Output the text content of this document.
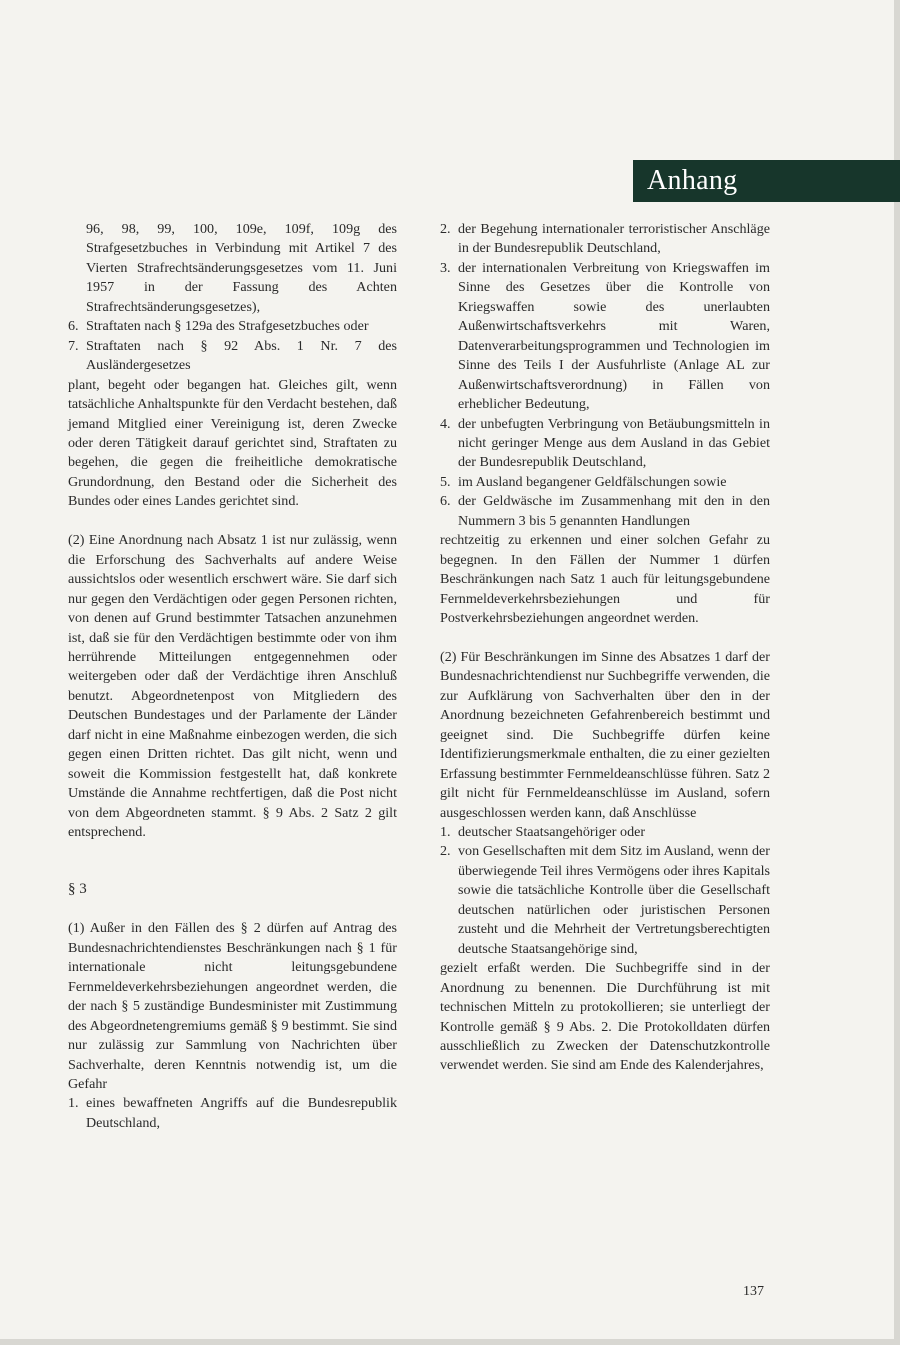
Anhang

96, 98, 99, 100, 109e, 109f, 109g des Strafgesetzbuches in Verbindung mit Artikel 7 des Vierten Strafrechtsänderungsgesetzes vom 11. Juni 1957 in der Fassung des Achten Strafrechtsänderungsgesetzes),

6. Straftaten nach § 129a des Strafgesetzbuches oder
7. Straftaten nach § 92 Abs. 1 Nr. 7 des Ausländergesetzes

plant, begeht oder begangen hat. Gleiches gilt, wenn tatsächliche Anhaltspunkte für den Verdacht bestehen, daß jemand Mitglied einer Vereinigung ist, deren Zwecke oder deren Tätigkeit darauf gerichtet sind, Straftaten zu begehen, die gegen die freiheitliche demokratische Grundordnung, den Bestand oder die Sicherheit des Bundes oder eines Landes gerichtet sind.

(2) Eine Anordnung nach Absatz 1 ist nur zulässig, wenn die Erforschung des Sachverhalts auf andere Weise aussichtslos oder wesentlich erschwert wäre. Sie darf sich nur gegen den Verdächtigen oder gegen Personen richten, von denen auf Grund bestimmter Tatsachen anzunehmen ist, daß sie für den Verdächtigen bestimmte oder von ihm herrührende Mitteilungen entgegennehmen oder weitergeben oder daß der Verdächtige ihren Anschluß benutzt. Abgeordnetenpost von Mitgliedern des Deutschen Bundestages und der Parlamente der Länder darf nicht in eine Maßnahme einbezogen werden, die sich gegen einen Dritten richtet. Das gilt nicht, wenn und soweit die Kommission festgestellt hat, daß konkrete Umstände die Annahme rechtfertigen, daß die Post nicht von dem Abgeordneten stammt. § 9 Abs. 2 Satz 2 gilt entsprechend.

§ 3

(1) Außer in den Fällen des § 2 dürfen auf Antrag des Bundesnachrichtendienstes Beschränkungen nach § 1 für internationale nicht leitungsgebundene Fernmeldeverkehrsbeziehungen angeordnet werden, die der nach § 5 zuständige Bundesminister mit Zustimmung des Abgeordnetengremiums gemäß § 9 bestimmt. Sie sind nur zulässig zur Sammlung von Nachrichten über Sachverhalte, deren Kenntnis notwendig ist, um die Gefahr

1. eines bewaffneten Angriffs auf die Bundesrepublik Deutschland,
2. der Begehung internationaler terroristischer Anschläge in der Bundesrepublik Deutschland,
3. der internationalen Verbreitung von Kriegswaffen im Sinne des Gesetzes über die Kontrolle von Kriegswaffen sowie des unerlaubten Außenwirtschaftsverkehrs mit Waren, Datenverarbeitungsprogrammen und Technologien im Sinne des Teils I der Ausfuhrliste (Anlage AL zur Außenwirtschaftsverordnung) in Fällen von erheblicher Bedeutung,
4. der unbefugten Verbringung von Betäubungsmitteln in nicht geringer Menge aus dem Ausland in das Gebiet der Bundesrepublik Deutschland,
5. im Ausland begangener Geldfälschungen sowie
6. der Geldwäsche im Zusammenhang mit den in den Nummern 3 bis 5 genannten Handlungen

rechtzeitig zu erkennen und einer solchen Gefahr zu begegnen. In den Fällen der Nummer 1 dürfen Beschränkungen nach Satz 1 auch für leitungsgebundene Fernmeldeverkehrsbeziehungen und für Postverkehrsbeziehungen angeordnet werden.

(2) Für Beschränkungen im Sinne des Absatzes 1 darf der Bundesnachrichtendienst nur Suchbegriffe verwenden, die zur Aufklärung von Sachverhalten über den in der Anordnung bezeichneten Gefahrenbereich bestimmt und geeignet sind. Die Suchbegriffe dürfen keine Identifizierungsmerkmale enthalten, die zu einer gezielten Erfassung bestimmter Fernmeldeanschlüsse führen. Satz 2 gilt nicht für Fernmeldeanschlüsse im Ausland, sofern ausgeschlossen werden kann, daß Anschlüsse

1. deutscher Staatsangehöriger oder
2. von Gesellschaften mit dem Sitz im Ausland, wenn der überwiegende Teil ihres Vermögens oder ihres Kapitals sowie die tatsächliche Kontrolle über die Gesellschaft deutschen natürlichen oder juristischen Personen zusteht und die Mehrheit der Vertretungsberechtigten deutsche Staatsangehörige sind,

gezielt erfaßt werden. Die Suchbegriffe sind in der Anordnung zu benennen. Die Durchführung ist mit technischen Mitteln zu protokollieren; sie unterliegt der Kontrolle gemäß § 9 Abs. 2. Die Protokolldaten dürfen ausschließlich zu Zwecken der Datenschutzkontrolle verwendet werden. Sie sind am Ende des Kalenderjahres,

137
